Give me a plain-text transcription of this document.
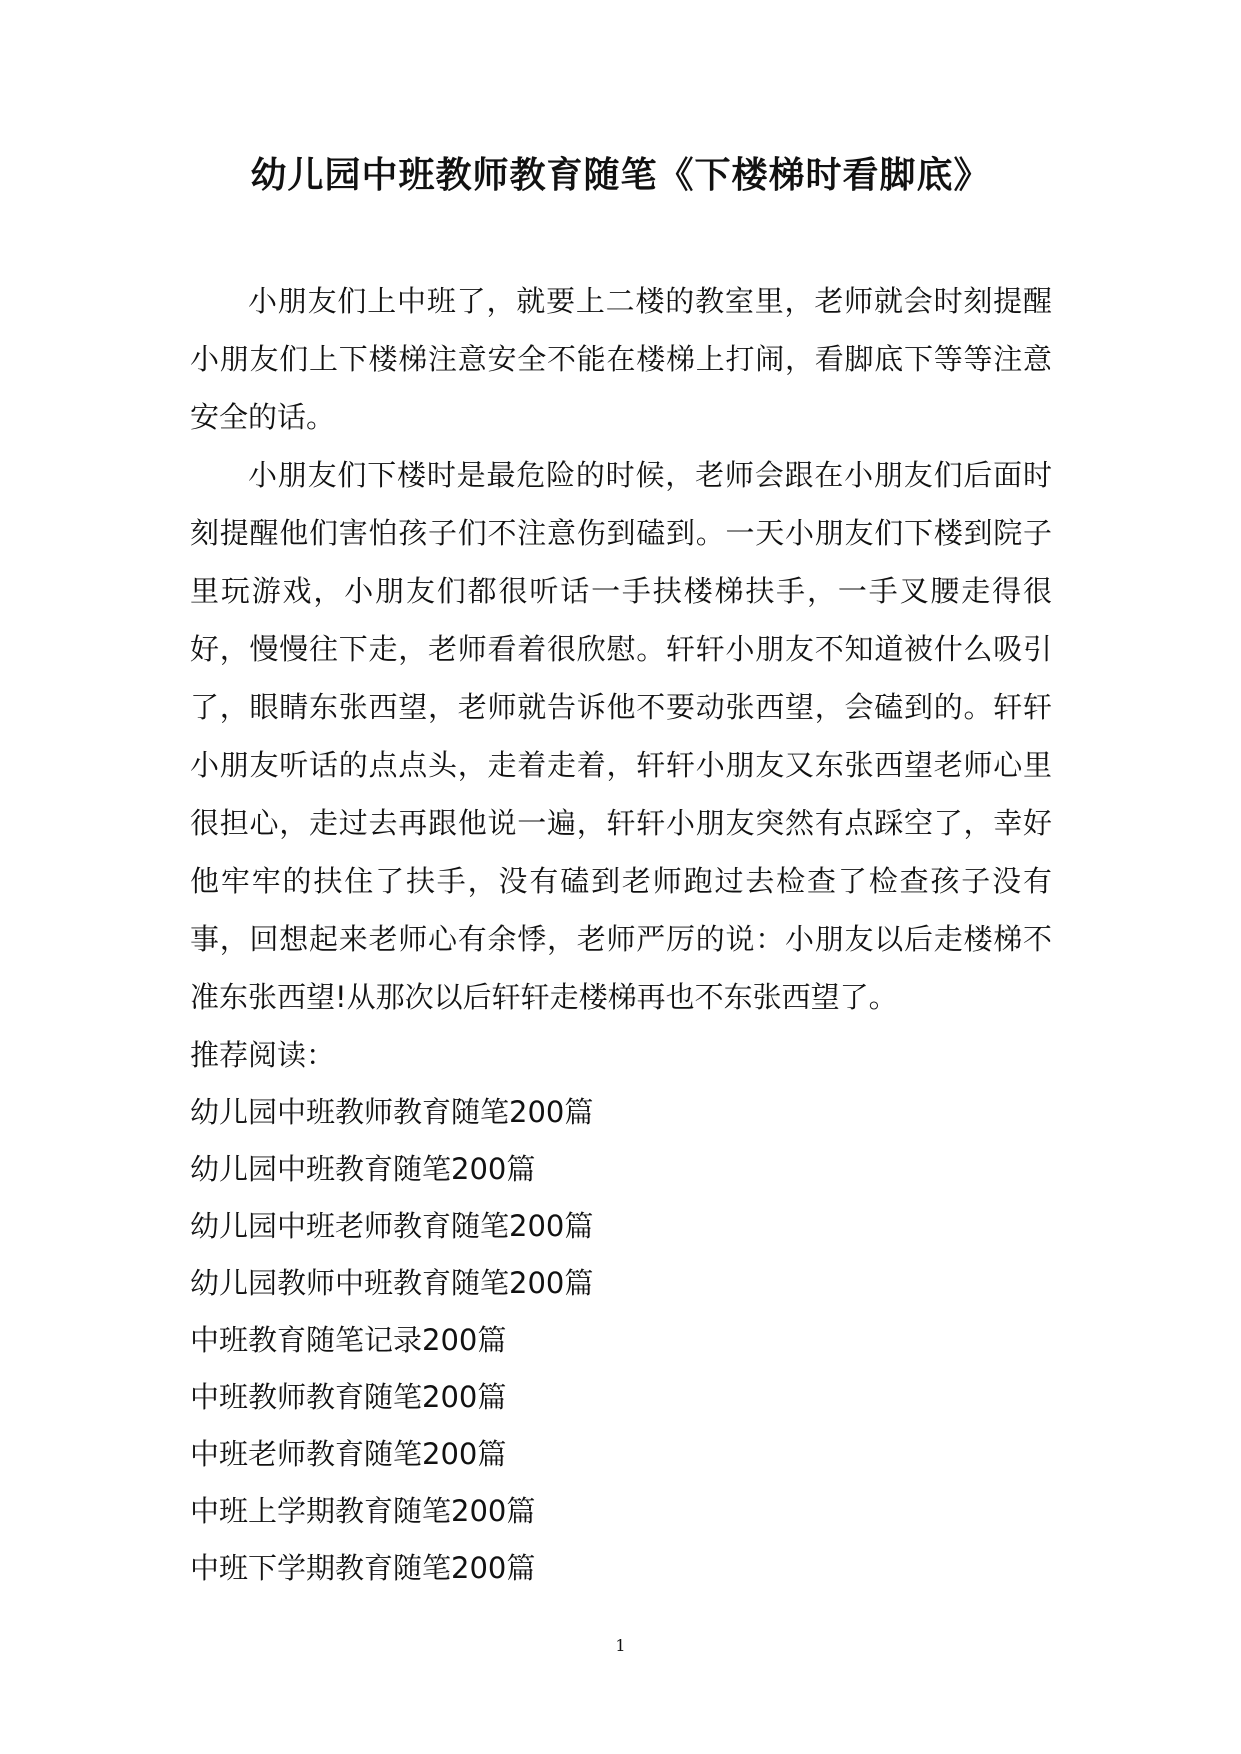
幼儿园中班教师教育随笔《下楼梯时看脚底》

小朋友们上中班了，就要上二楼的教室里，老师就会时刻提醒小朋友们上下楼梯注意安全不能在楼梯上打闹，看脚底下等等注意安全的话。

小朋友们下楼时是最危险的时候，老师会跟在小朋友们后面时刻提醒他们害怕孩子们不注意伤到磕到。一天小朋友们下楼到院子里玩游戏，小朋友们都很听话一手扶楼梯扶手，一手叉腰走得很好，慢慢往下走，老师看着很欣慰。轩轩小朋友不知道被什么吸引了，眼睛东张西望，老师就告诉他不要动张西望，会磕到的。轩轩小朋友听话的点点头，走着走着，轩轩小朋友又东张西望老师心里很担心，走过去再跟他说一遍，轩轩小朋友突然有点踩空了，幸好他牢牢的扶住了扶手，没有磕到老师跑过去检查了检查孩子没有事，回想起来老师心有余悸，老师严厉的说：小朋友以后走楼梯不准东张西望!从那次以后轩轩走楼梯再也不东张西望了。

推荐阅读：

幼儿园中班教师教育随笔200篇
幼儿园中班教育随笔200篇
幼儿园中班老师教育随笔200篇
幼儿园教师中班教育随笔200篇
中班教育随笔记录200篇
中班教师教育随笔200篇
中班老师教育随笔200篇
中班上学期教育随笔200篇
中班下学期教育随笔200篇
1
